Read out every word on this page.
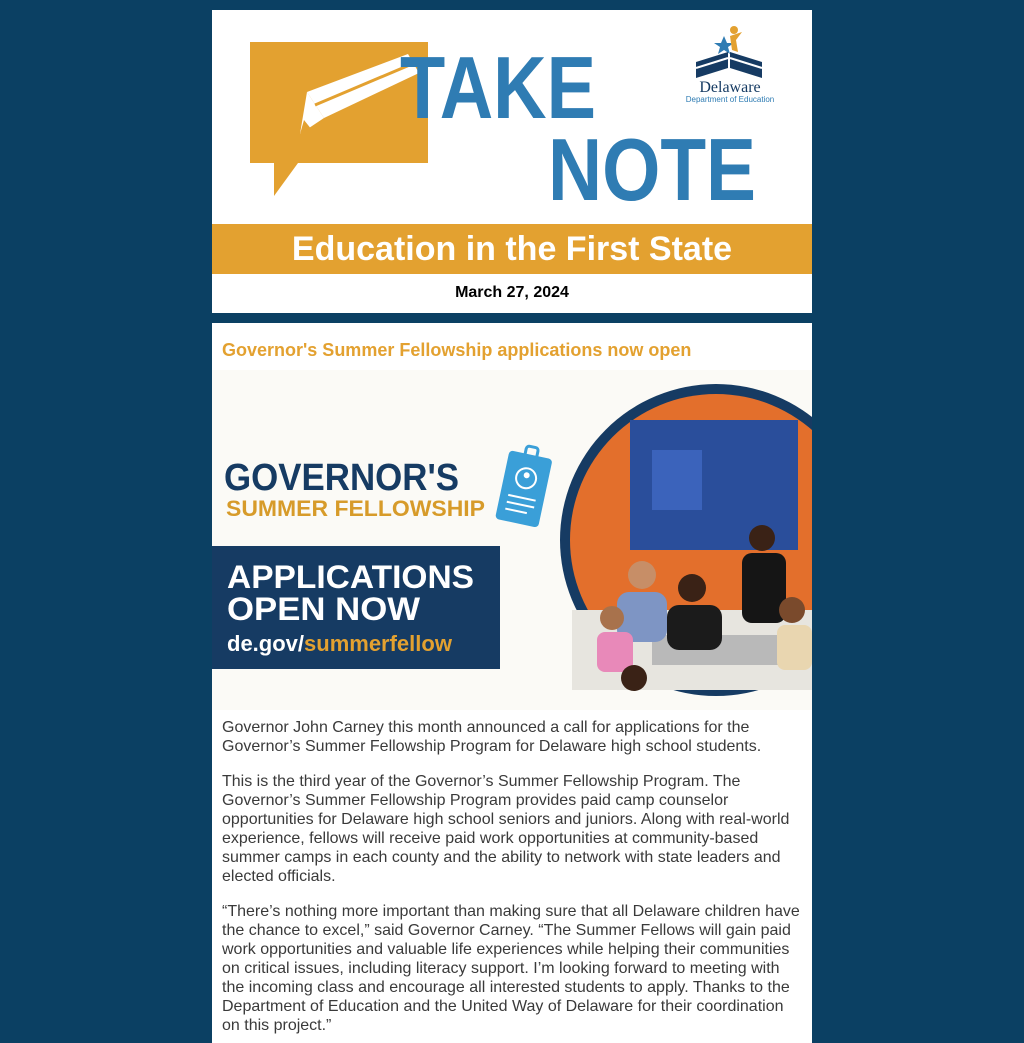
TAKE
NOTE
Delaware
Department of Education
Education in the First State
March 27, 2024
Governor's Summer Fellowship applications now open
GOVERNOR'S
SUMMER FELLOWSHIP
APPLICATIONS
OPEN NOW
de.gov/summerfellow

Governor John Carney this month announced a call for applications for the Governor’s Summer Fellowship Program for Delaware high school students.

This is the third year of the Governor’s Summer Fellowship Program. The Governor’s Summer Fellowship Program provides paid camp counselor opportunities for Delaware high school seniors and juniors. Along with real-world experience, fellows will receive paid work opportunities at community-based summer camps in each county and the ability to network with state leaders and elected officials.

“There’s nothing more important than making sure that all Delaware children have the chance to excel,” said Governor Carney. “The Summer Fellows will gain paid work opportunities and valuable life experiences while helping their communities on critical issues, including literacy support. I’m looking forward to meeting with the incoming class and encourage all interested students to apply. Thanks to the Department of Education and the United Way of Delaware for their coordination on this project.”
